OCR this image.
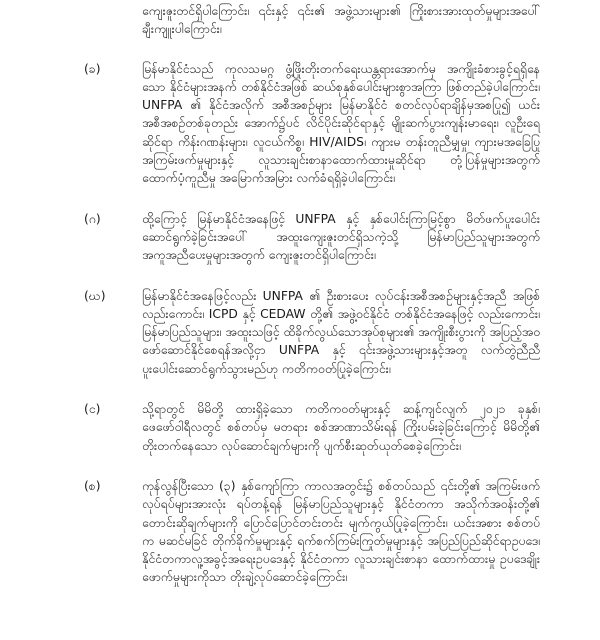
ကျေးဇူးတင်ရှိပါကြောင်း၊ ၎င်းနှင့် ၎င်း၏ အဖွဲ့သားများ၏ ကြိုးစားအားထုတ်မှုများအပေါ် ချီးကျူးပါကြောင်း၊
(ခ)	မြန်မာနိုင်ငံသည် ကုလသမဂ္ဂ ဖွံ့ဖြိုးတိုးတက်ရေးယန္တရားအောက်မှ အကျိုးခံစားခွင့်ရရှိနေသော နိုင်ငံများအနက် တစ်နိုင်ငံအဖြစ် ဆယ်စုနှစ်ပေါင်းများစွာအကြာ ဖြစ်တည်ခဲ့ပါကြောင်း၊ UNFPA ၏ နိုင်ငံအလိုက် အစီအစဉ်များ မြန်မာနိုင်ငံ စတင်လုပ်ရာချိန်မှအစပြု၍ ယင်းအစီအစဉ်တစ်ခုတည်း အောက်၌ပင် လိင်ပိုင်းဆိုင်ရာနှင့် မျိုးဆက်ပွားကျန်းမာရေး၊ လူဦးရေဆိုင်ရာ ကိန်းဂဏန်းများ၊ လူငယ်ကိစ္စ၊ HIV/AIDS၊ ကျားမ တန်းတူညီမျှမှု၊ ကျားမအခြေပြု အကြမ်းဖက်မှုများနှင့် လူသားချင်းစာနာထောက်ထားမှုဆိုင်ရာ တုံ့ပြန်မှုများအတွက် ထောက်ပံ့ကူညီမှု အမြောက်အမြား လက်ခံရရှိခဲ့ပါကြောင်း၊
(ဂ)	ထို့ကြောင့် မြန်မာနိုင်ငံအနေဖြင့် UNFPA နှင့် နှစ်ပေါင်းကြာမြင့်စွာ မိတ်ဖက်ပူးပေါင်းဆောင်ရွက်ခဲ့ခြင်းအပေါ် အထူးကျေးဇူးတင်ရှိသကဲ့သို့ မြန်မာပြည်သူများအတွက် အကူအညီပေးမှုများအတွက် ကျေးဇူးတင်ရှိပါကြောင်း၊
(ဃ)	မြန်မာနိုင်ငံအနေဖြင့်လည်း UNFPA ၏ ဦးစားပေး လုပ်ငန်းအစီအစဉ်များနှင့်အညီ အဖြစ်လည်းကောင်း၊ ICPD နှင့် CEDAW တို့၏ အဖွဲ့ဝင်နိုင်ငံ တစ်နိုင်ငံအနေဖြင့် လည်းကောင်း၊ မြန်မာပြည်သူများ၊ အထူးသဖြင့် ထိခိုက်လွယ်သောအုပ်စုများ၏ အကျိုးစီးပွားကို အပြည့်အဝ ဖော်ဆောင်နိုင်စေရန်အလို့ငှာ UNFPA နှင့် ၎င်းအဖွဲ့သားများနှင့်အတူ လက်တွဲညီညီ ပူးပေါင်းဆောင်ရွက်သွားမည်ဟု ကတိကဝတ်ပြုခဲ့ကြောင်း၊
(င)	သို့ရာတွင် မိမိတို့ ထားရှိခဲ့သော ကတိကဝတ်များနှင့် ဆန့်ကျင်လျက် ၂၀၂၁ ခုနှစ်၊ ဖေဖော်ဝါရီလတွင် စစ်တပ်မှ မတရား စစ်အာဏာသိမ်းရန် ကြိုးပမ်းခဲ့ခြင်းကြောင့် မိမိတို့၏ တိုးတက်နေသော လုပ်ဆောင်ချက်များကို ပျက်စီးဆုတ်ယုတ်စေခဲ့ကြောင်း၊
(စ)	ကုန်လွန်ပြီးသော (၃) နှစ်ကျော်ကြာ ကာလအတွင်း၌ စစ်တပ်သည် ၎င်းတို့၏ အကြမ်းဖက်လုပ်ရပ်များအားလုံး ရပ်တန့်ရန် မြန်မာပြည်သူများနှင့် နိုင်ငံတကာ အသိုက်အဝန်းတို့၏ တောင်းဆိုချက်များကို ပြောင်ပြောင်တင်းတင်း မျက်ကွယ်ပြုခဲ့ကြောင်း၊ ယင်းအစား စစ်တပ်က မဆင်မခြင် တိုက်ခိုက်မှုများနှင့် ရက်စက်ကြမ်းကြုတ်မှုများနှင့် အပြည်ပြည်ဆိုင်ရာဥပဒေ၊ နိုင်ငံတကာလူ့အခွင့်အရေးဥပဒေနှင့် နိုင်ငံတကာ လူသားချင်းစာနာ ထောက်ထားမှု ဥပဒေချိုးဖောက်မှုများကိုသာ တိုးချဲ့လုပ်ဆောင်ခဲ့ကြောင်း၊
